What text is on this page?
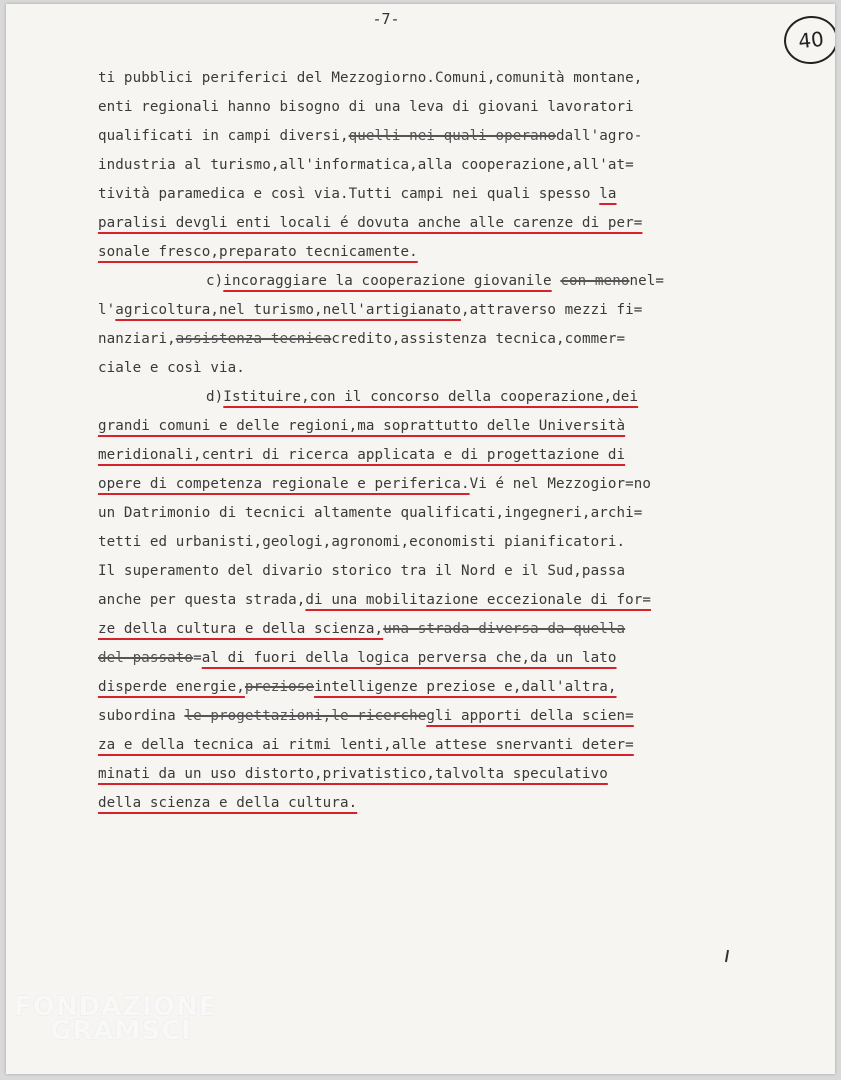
-7-
40
ti pubblici periferici del Mezzogiorno.Comuni,comunità montane,
enti regionali hanno bisogno di una leva di giovani lavoratori
qualificati in campi diversi,quelli nei quali operanodall'agro-
industria al turismo,all'informatica,alla cooperazione,all'at=
tività paramedica e così via.Tutti campi nei quali spesso la
paralisi devgli enti locali é dovuta anche alle carenze di per=
sonale fresco,preparato tecnicamente.
c)incoraggiare la cooperazione giovanile con-menonel=
l'agricoltura,nel turismo,nell'artigianato,attraverso mezzi fi=
nanziari,assistenza tecnicacredito,assistenza tecnica,commer=
ciale e così via.
d)Istituire,con il concorso della cooperazione,dei
grandi comuni e delle regioni,ma soprattutto delle Università
meridionali,centri di ricerca applicata e di progettazione di
opere di competenza regionale e periferica.Vi é nel Mezzogior=no
un Datrimonio di tecnici altamente qualificati,ingegneri,archi=
tetti ed urbanisti,geologi,agronomi,economisti pianificatori.
Il superamento del divario storico tra il Nord e il Sud,passa
anche per questa strada,di una mobilitazione eccezionale di for=
ze della cultura e della scienza,una strada diversa da quella
del passato=al di fuori della logica perversa che,da un lato
disperde energie,prezioseintelligenze preziose e,dall'altra,
subordina le progettazioni,le ricerchegli apporti della scien=
za e della tecnica ai ritmi lenti,alle attese snervanti deter=
minati da un uso distorto,privatistico,talvolta speculativo
della scienza e della cultura.
FONDAZIONE
GRAMSCI
